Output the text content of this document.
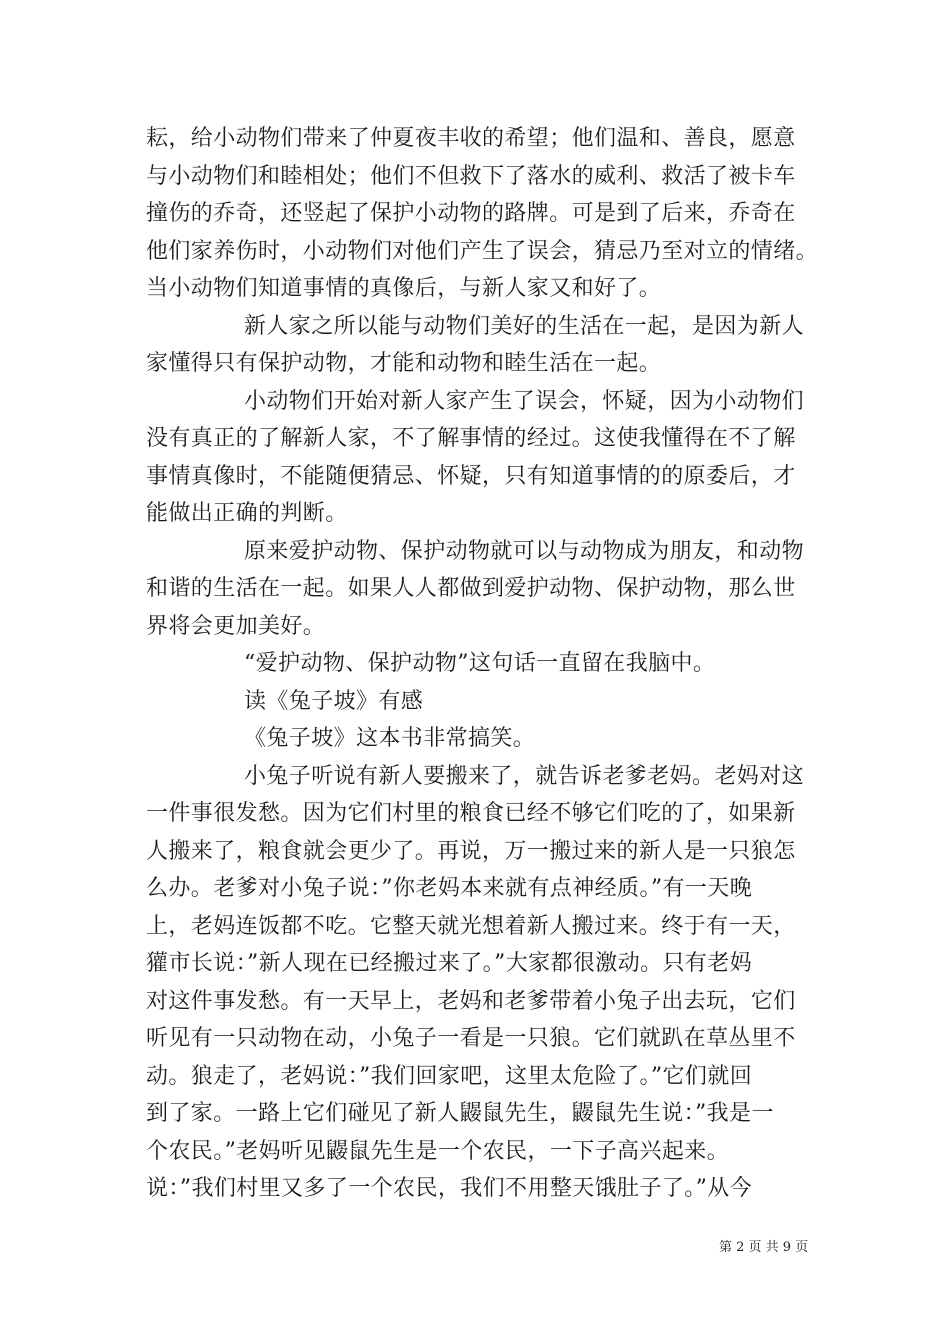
耘，给小动物们带来了仲夏夜丰收的希望；他们温和、善良，愿意
与小动物们和睦相处；他们不但救下了落水的威利、救活了被卡车
撞伤的乔奇，还竖起了保护小动物的路牌。可是到了后来，乔奇在
他们家养伤时，小动物们对他们产生了误会，猜忌乃至对立的情绪。
当小动物们知道事情的真像后，与新人家又和好了。
新人家之所以能与动物们美好的生活在一起，是因为新人
家懂得只有保护动物，才能和动物和睦生活在一起。
小动物们开始对新人家产生了误会，怀疑，因为小动物们
没有真正的了解新人家，不了解事情的经过。这使我懂得在不了解
事情真像时，不能随便猜忌、怀疑，只有知道事情的的原委后，才
能做出正确的判断。
原来爱护动物、保护动物就可以与动物成为朋友，和动物
和谐的生活在一起。如果人人都做到爱护动物、保护动物，那么世
界将会更加美好。
“爱护动物、保护动物”这句话一直留在我脑中。
读《兔子坡》有感
《兔子坡》这本书非常搞笑。
小兔子听说有新人要搬来了，就告诉老爹老妈。老妈对这
一件事很发愁。因为它们村里的粮食已经不够它们吃的了，如果新
人搬来了，粮食就会更少了。再说，万一搬过来的新人是一只狼怎
么办。老爹对小兔子说：”你老妈本来就有点神经质。”有一天晚
上，老妈连饭都不吃。它整天就光想着新人搬过来。终于有一天，
獾市长说：”新人现在已经搬过来了。”大家都很激动。只有老妈
对这件事发愁。有一天早上，老妈和老爹带着小兔子出去玩，它们
听见有一只动物在动，小兔子一看是一只狼。它们就趴在草丛里不
动。狼走了，老妈说：”我们回家吧，这里太危险了。”它们就回
到了家。一路上它们碰见了新人鼹鼠先生，鼹鼠先生说：”我是一
个农民。”老妈听见鼹鼠先生是一个农民，一下子高兴起来。
说：”我们村里又多了一个农民，我们不用整天饿肚子了。”从今
第 2 页 共 9 页
